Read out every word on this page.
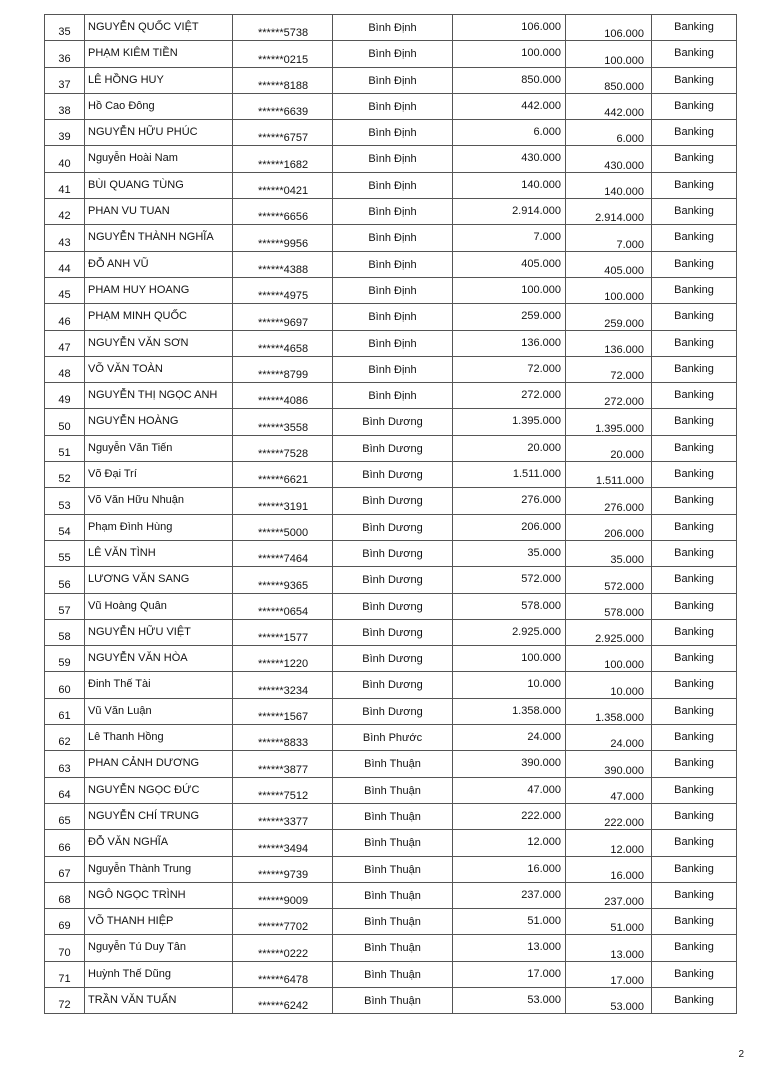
35	NGUYỄN QUỐC VIỆT	******5738	Bình Định	106.000	106.000	Banking

36	PHẠM KIÊM TIỀN	******0215	Bình Định	100.000	100.000	Banking

37	LÊ HỒNG HUY	******8188	Bình Định	850.000	850.000	Banking

38	Hồ Cao Đông	******6639	Bình Định	442.000	442.000	Banking

39	NGUYỄN HỮU PHÚC	******6757	Bình Định	6.000	6.000	Banking

40	Nguyễn Hoài Nam	******1682	Bình Định	430.000	430.000	Banking

41	BÙI QUANG TÙNG	******0421	Bình Định	140.000	140.000	Banking

42	PHAN VU TUAN	******6656	Bình Định	2.914.000	2.914.000	Banking

43	NGUYỄN THÀNH NGHĨA	******9956	Bình Định	7.000	7.000	Banking

44	ĐỖ ANH VŨ	******4388	Bình Định	405.000	405.000	Banking

45	PHAM HUY HOANG	******4975	Bình Định	100.000	100.000	Banking

46	PHẠM MINH QUỐC	******9697	Bình Định	259.000	259.000	Banking

47	NGUYỄN VĂN SƠN	******4658	Bình Định	136.000	136.000	Banking

48	VÕ VĂN TOÀN	******8799	Bình Định	72.000	72.000	Banking

49	NGUYỄN THỊ NGỌC ANH	******4086	Bình Định	272.000	272.000	Banking

50	NGUYỄN HOÀNG	******3558	Bình Dương	1.395.000	1.395.000	Banking

51	Nguyễn Văn Tiến	******7528	Bình Dương	20.000	20.000	Banking

52	Võ Đại Trí	******6621	Bình Dương	1.511.000	1.511.000	Banking

53	Võ Văn Hữu Nhuận	******3191	Bình Dương	276.000	276.000	Banking

54	Phạm Đình Hùng	******5000	Bình Dương	206.000	206.000	Banking

55	LÊ VĂN TÌNH	******7464	Bình Dương	35.000	35.000	Banking

56	LƯƠNG VĂN SANG	******9365	Bình Dương	572.000	572.000	Banking

57	Vũ Hoàng Quân	******0654	Bình Dương	578.000	578.000	Banking

58	NGUYỄN HỮU VIỆT	******1577	Bình Dương	2.925.000	2.925.000	Banking

59	NGUYỄN VĂN HÒA	******1220	Bình Dương	100.000	100.000	Banking

60	Đinh Thế Tài	******3234	Bình Dương	10.000	10.000	Banking

61	Vũ Văn Luận	******1567	Bình Dương	1.358.000	1.358.000	Banking

62	Lê Thanh Hồng	******8833	Bình Phước	24.000	24.000	Banking

63	PHAN CẢNH DƯƠNG	******3877	Bình Thuận	390.000	390.000	Banking

64	NGUYỄN NGỌC ĐỨC	******7512	Bình Thuận	47.000	47.000	Banking

65	NGUYỄN CHÍ TRUNG	******3377	Bình Thuận	222.000	222.000	Banking

66	ĐỖ VĂN NGHĨA	******3494	Bình Thuận	12.000	12.000	Banking

67	Nguyễn Thành Trung	******9739	Bình Thuận	16.000	16.000	Banking

68	NGÔ NGỌC TRÌNH	******9009	Bình Thuận	237.000	237.000	Banking

69	VÕ THANH HIỆP	******7702	Bình Thuận	51.000	51.000	Banking

70	Nguyễn Tú Duy Tân	******0222	Bình Thuận	13.000	13.000	Banking

71	Huỳnh Thế Dũng	******6478	Bình Thuận	17.000	17.000	Banking

72	TRẦN VĂN TUẤN	******6242	Bình Thuận	53.000	53.000	Banking
2
